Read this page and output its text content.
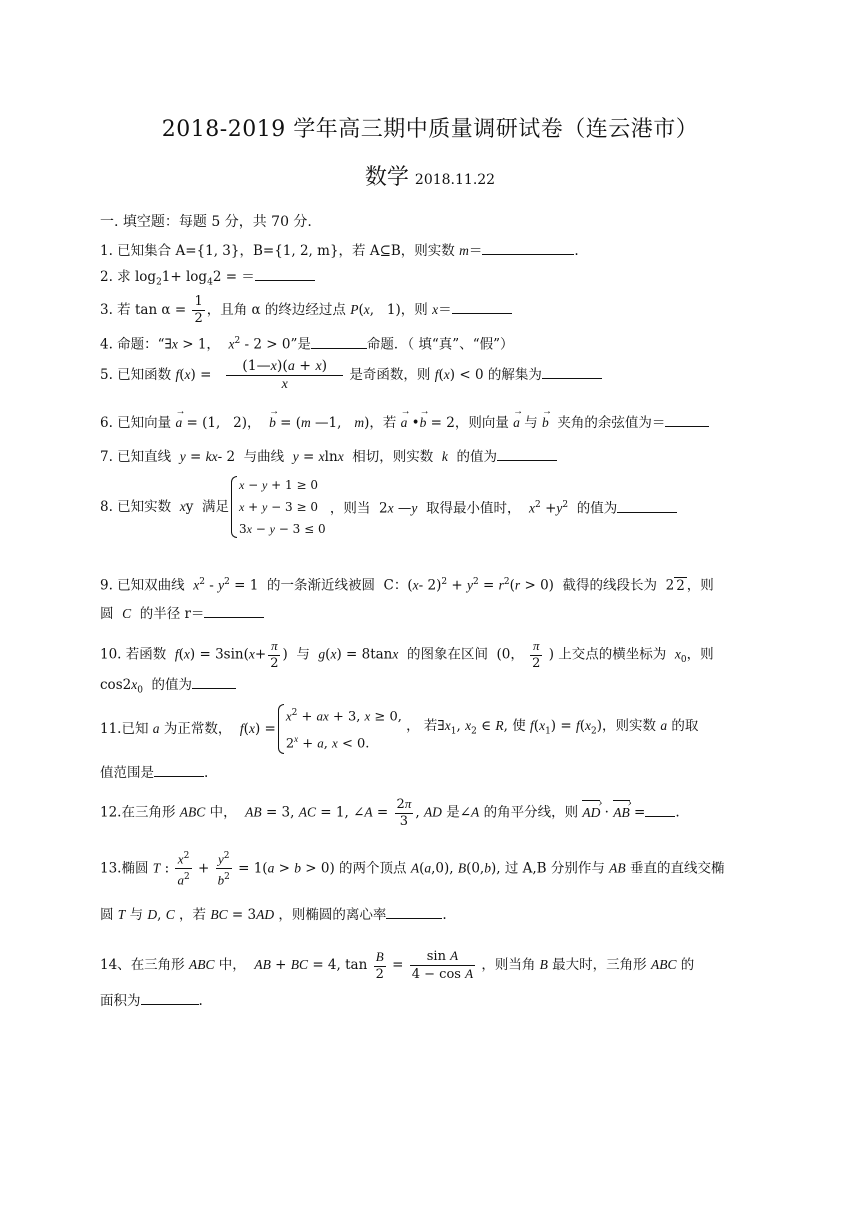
2018-2019 学年高三期中质量调研试卷（连云港市）
数学 2018.11.22
一. 填空题：每题 5 分，共 70 分.
1. 已知集合 A={1, 3}，B={1, 2, m}，若 A⊆B，则实数 m＝	.
2. 求 $\log_21+ \log_42$ = ＝
3. 若 $\tan \alpha = \frac{1}{2}$ ，且角 α 的终边经过点 P(x,   1)，则 x＝
4. 命题：“∃x > 1，  $x^2 - 2 > 0$”是	命题．（ 填“真”、“假”）
5. 已知函数 $f(x) = \frac{(1—x)(a + x)}{x}$ 是奇函数，则 f(x) < 0 的解集为
6. 已知向量 → a = (1,   2)，  → b = (m —1,   m)，若 → a •→ b = 2，则向量 → a 与 → b  夹角的余弦值为＝
7. 已知直线  y = kx- 2  与曲线  y = xlnx  相切，则实数  k  的值为
8. 已知实数  xy  满足x − y + 1 ≥ 0
x + y − 3 ≥ 0
3x − y − 3 ≤ 0 ，则当  2x —y  取得最小值时，  $x^2 +y^2$  的值为
9. 已知双曲线  $x^2 - y^2 = 1$  的一条渐近线被圆  C：(x- $2)^2 + y^2 = r^2(r > 0)$  截得的线段长为  2 2 ，则
圆  C  的半径 r＝
10. 若函数  $f(x) = 3\sin(x+ \frac{\pi}{2}$ )  与  g(x) = 8tanx  的图象在区间  (0， $\frac{\pi}{2}$ ) 上交点的横坐标为  $x_0$，则
$\cos 2x_0$  的值为
11.已知 a 为正常数，  $f(x) =x^2$ + ax + 3, x ≥ 0,
$2^x + a$, x < 0. ， 若$\exists x_1$, $x_2$ ∈ R, 使 $f(x_1) = f(x_2)$，则实数 a 的取
值范围是	.
12.在三角形 ABC 中，  AB = 3, AC = 1, ∠A = $\frac{2\pi}{3}$ , AD 是∠A 的角平分线，则 AD › · AB › = .
13.椭圆 T : $\frac{x^2}{a^2} + \frac{y^2}{b^2} = 1(a > b > 0)$ 的两个顶点 A(a,0), B(0,b), 过 A,B 分别作与 AB 垂直的直线交椭
圆 T 与 D, C ，若 BC = 3AD ，则椭圆的离心率	.
14、在三角形 ABC 中，  AB + BC = 4, $\tan \frac{B}{2} = \frac{\text{sin A}}{\text{4 − cos A}}$ ，则当角 B 最大时，三角形 ABC 的
面积为	.
